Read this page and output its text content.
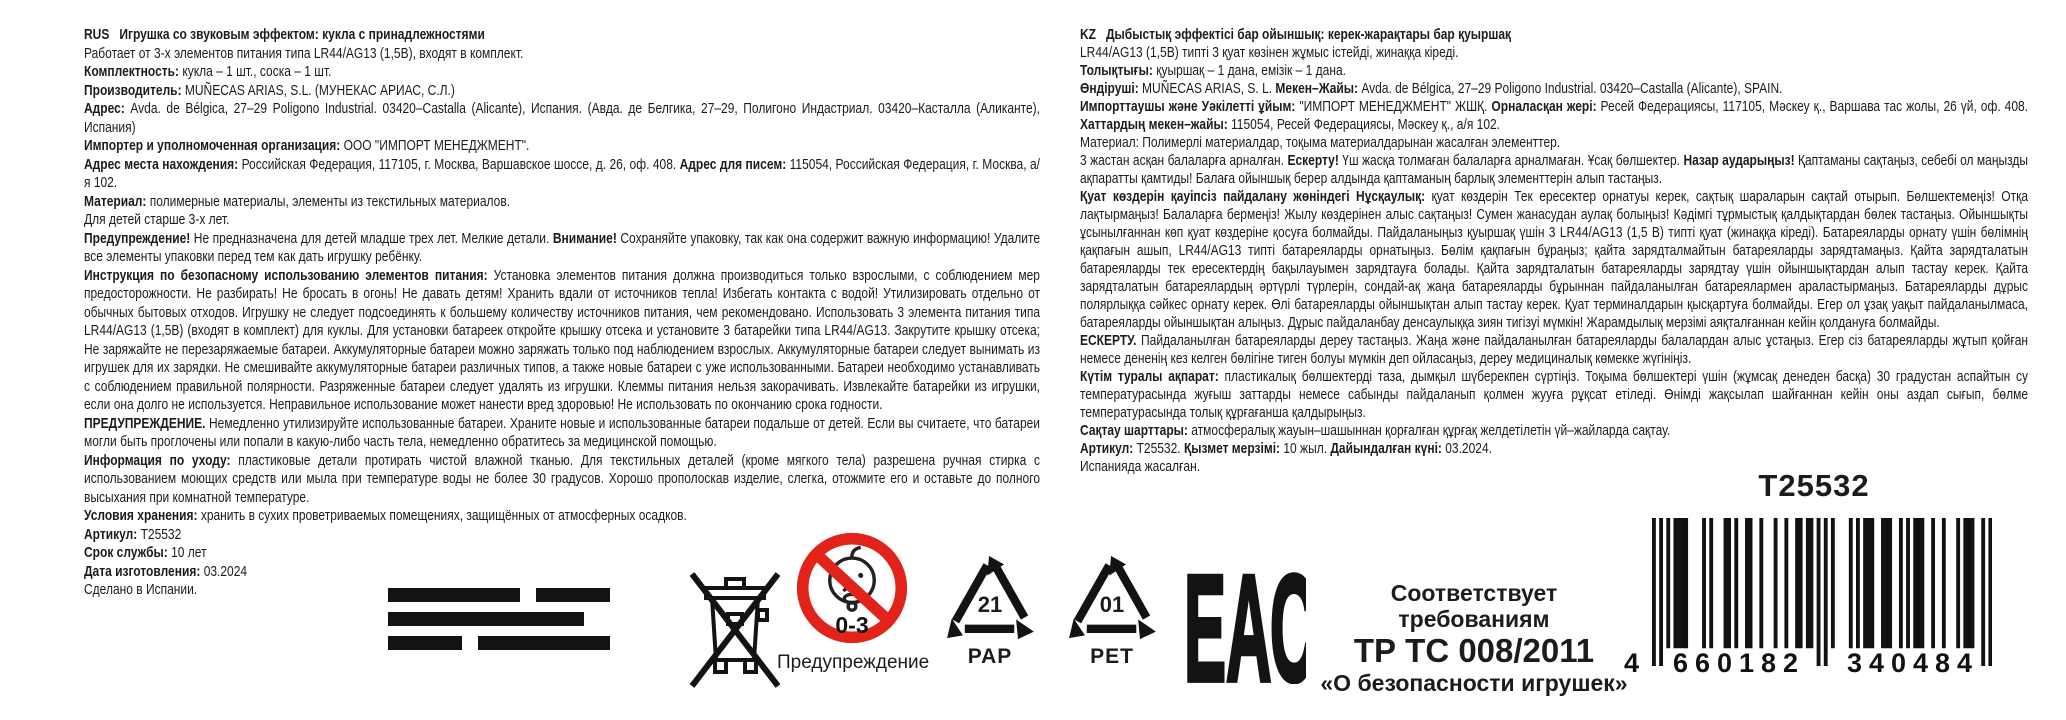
RUS   Игрушка со звуковым эффектом: кукла с принадлежностями

Работает от 3-х элементов питания типа LR44/AG13 (1,5В), входят в комплект.

Комплектность: кукла – 1 шт., соска – 1 шт.

Производитель: MUÑECAS ARIAS, S.L. (МУНЕКАС АРИАС, С.Л.)

Адрес: Avda. de Bélgica, 27–29 Poligono Industrial. 03420–Castalla (Alicante), Испания. (Авда. де Белгика, 27–29, Полигоно Индастриал. 03420–Касталла (Аликанте), Испания)

Импортер и уполномоченная организация: ООО "ИМПОРТ МЕНЕДЖМЕНТ".

Адрес места нахождения: Российская Федерация, 117105, г. Москва, Варшавское шоссе, д. 26, оф. 408. Адрес для писем: 115054, Российская Федерация, г. Москва, а/я 102.

Материал: полимерные материалы, элементы из текстильных материалов.

Для детей старше 3-х лет.

Предупреждение! Не предназначена для детей младше трех лет. Мелкие детали. Внимание! Сохраняйте упаковку, так как она содержит важную информацию! Удалите все элементы упаковки перед тем как дать игрушку ребёнку.

Инструкция по безопасному использованию элементов питания: Установка элементов питания должна производиться только взрослыми, с соблюдением мер предосторожности. Не разбирать! Не бросать в огонь! Не давать детям! Хранить вдали от источников тепла! Избегать контакта с водой! Утилизировать отдельно от обычных бытовых отходов. Игрушку не следует подсоединять к большему количеству источников питания, чем рекомендовано. Использовать 3 элемента питания типа LR44/AG13 (1,5В) (входят в комплект) для куклы. Для установки батареек откройте крышку отсека и установите 3 батарейки типа LR44/AG13. Закрутите крышку отсека; Не заряжайте не перезаряжаемые батареи. Аккумуляторные батареи можно заряжать только под наблюдением взрослых. Аккумуляторные батареи следует вынимать из игрушек для их зарядки. Не смешивайте аккумуляторные батареи различных типов, а также новые батареи с уже использованными. Батареи необходимо устанавливать с соблюдением правильной полярности. Разряженные батареи следует удалять из игрушки. Клеммы питания нельзя закорачивать. Извлекайте батарейки из игрушки, если она долго не используется. Неправильное использование может нанести вред здоровью! Не использовать по окончанию срока годности.

ПРЕДУПРЕЖДЕНИЕ. Немедленно утилизируйте использованные батареи. Храните новые и использованные батареи подальше от детей. Если вы считаете, что батареи могли быть проглочены или попали в какую-либо часть тела, немедленно обратитесь за медицинской помощью.

Информация по уходу: пластиковые детали протирать чистой влажной тканью. Для текстильных деталей (кроме мягкого тела) разрешена ручная стирка с использованием моющих средств или мыла при температуре воды не более 30 градусов. Хорошо прополоскав изделие, слегка, отожмите его и оставьте до полного высыхания при комнатной температуре.

Условия хранения: хранить в сухих проветриваемых помещениях, защищённых от атмосферных осадков.

Артикул: T25532

Срок службы: 10 лет

Дата изготовления: 03.2024

Сделано в Испании.

KZ   Дыбыстық эффектісі бар ойыншық: керек-жарақтары бар қуыршақ

LR44/AG13 (1,5В) типті 3 қуат көзінен жұмыс істейді, жинаққа кіреді.

Толықтығы: қуыршақ – 1 дана, емізік – 1 дана.

Өндіруші: MUÑECAS ARIAS, S. L. Мекен–Жайы: Avda. de Bélgica, 27–29 Poligono Industrial. 03420–Castalla (Alicante), SPAIN.

Импорттаушы және Уәкілетті ұйым: "ИМПОРТ МЕНЕДЖМЕНТ" ЖШҚ. Орналасқан жері: Ресей Федерациясы, 117105, Мәскеу қ., Варшава тас жолы, 26 үй, оф. 408. Хаттардың мекен–жайы: 115054, Ресей Федерациясы, Мәскеу қ., а/я 102.

Материал: Полимерлі материалдар, тоқыма материалдарынан жасалған элементтер.

3 жастан асқан балаларға арналған. Ескерту! Үш жасқа толмаған балаларға арналмаған. Ұсақ бөлшектер. Назар аударыңыз! Қаптаманы сақтаңыз, себебі ол маңызды ақпаратты қамтиды! Балаға ойыншық берер алдында қаптаманың барлық элементтерін алып тастаңыз.

Қуат көздерін қауіпсіз пайдалану жөніндегі Нұсқаулық: қуат көздерін Тек ересектер орнатуы керек, сақтық шараларын сақтай отырып. Бөлшектемеңіз! Отқа лақтырмаңыз! Балаларға бермеңіз! Жылу көздерінен алыс сақтаңыз! Сумен жанасудан аулақ болыңыз! Кәдімгі тұрмыстық қалдықтардан бөлек тастаңыз. Ойыншықты ұсынылғаннан көп қуат көздеріне қосуға болмайды. Пайдаланыңыз қуыршақ үшін 3 LR44/AG13 (1,5 В) типті қуат (жинаққа кіреді). Батареяларды орнату үшін бөлімнің қақпағын ашып, LR44/AG13 типті батареяларды орнатыңыз. Бөлім қақпағын бұраңыз; қайта зарядталмайтын батареяларды зарядтамаңыз. Қайта зарядталатын батареяларды тек ересектердің бақылауымен зарядтауға болады. Қайта зарядталатын батареяларды зарядтау үшін ойыншықтардан алып тастау керек. Қайта зарядталатын батареялардың әртүрлі түрлерін, сондай-ақ жаңа батареяларды бұрыннан пайдаланылған батареялармен араластырмаңыз. Батареяларды дұрыс полярлыққа сәйкес орнату керек. Өлі батареяларды ойыншықтан алып тастау керек. Қуат терминалдарын қысқартуға болмайды. Егер ол ұзақ уақыт пайдаланылмаса, батареяларды ойыншықтан алыңыз. Дұрыс пайдаланбау денсаулыққа зиян тигізуі мүмкін! Жарамдылық мерзімі аяқталғаннан кейін қолдануға болмайды.

ЕСКЕРТУ. Пайдаланылған батареяларды дереу тастаңыз. Жаңа және пайдаланылған батареяларды балалардан алыс ұстаңыз. Егер сіз батареяларды жұтып қойған немесе дененің кез келген бөлігіне тиген болуы мүмкін деп ойласаңыз, дереу медициналық көмекке жүгініңіз.

Күтім туралы ақпарат: пластикалық бөлшектерді таза, дымқыл шүберекпен сүртіңіз. Тоқыма бөлшектері үшін (жұмсақ денеден басқа) 30 градустан аспайтын су температурасында жуғыш заттарды немесе сабынды пайдаланып қолмен жууға рұқсат етіледі. Өнімді жақсылап шайғаннан кейін оны аздап сығып, бөлме температурасында толық құрғағанша қалдырыңыз.

Сақтау шарттары: атмосфералық жауын–шашыннан қорғалған құрғақ желдетілетін үй–жайларда сақтау.

Артикул: T25532. Қызмет мерзімі: 10 жыл. Дайындалған күні: 03.2024.

Испанияда жасалған.

0-3
Предупреждение
21
PAP
01
PET ЕАС	Соответствует требованиям
ТР ТС 008/2011
«О безопасности игрушек»
T25532
4	660182	340484
